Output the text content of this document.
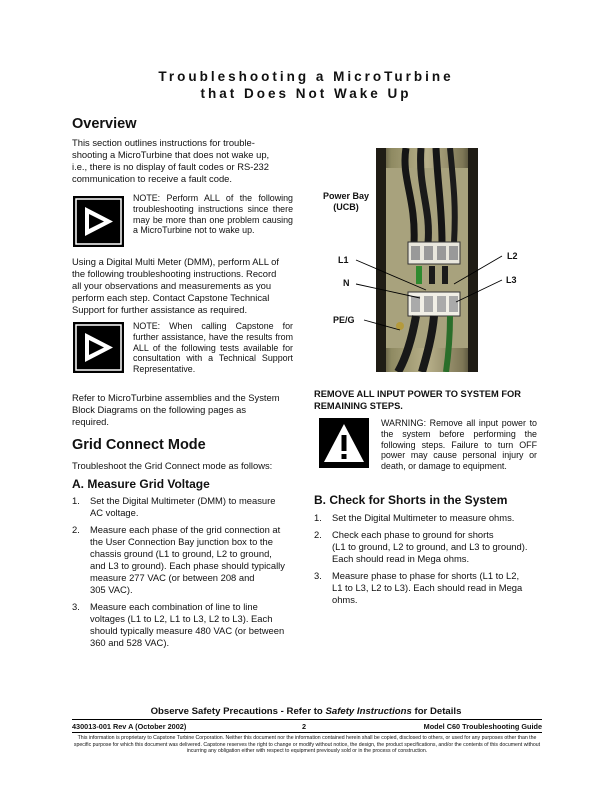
Troubleshooting a MicroTurbine
that Does Not Wake Up
Overview
This section outlines instructions for trouble-
shooting a MicroTurbine that does not wake up,
i.e., there is no display of fault codes or RS-232
communication to receive a fault code.
NOTE: Perform ALL of the following troubleshooting instructions since there may be more than one problem causing a MicroTurbine not to wake up.
Using a Digital Multi Meter (DMM), perform ALL of
the following troubleshooting instructions. Record
all your observations and measurements as you
perform each step. Contact Capstone Technical
Support for further assistance as required.
NOTE: When calling Capstone for further assistance, have the results from ALL of the following tests available for consultation with a Technical Support Representative.
Refer to MicroTurbine assemblies and the System
Block Diagrams on the following pages as
required.
Grid Connect Mode
Troubleshoot the Grid Connect mode as follows:
A. Measure Grid Voltage
1. Set the Digital Multimeter (DMM) to measure
AC voltage.
2. Measure each phase of the grid connection at
the User Connection Bay junction box to the
chassis ground (L1 to ground, L2 to ground,
and L3 to ground). Each phase should typically
measure 277 VAC (or between 208 and
305 VAC).
3. Measure each combination of line to line
voltages (L1 to L2, L1 to L3, L2 to L3). Each
should typically measure 480 VAC (or between
360 and 528 VAC).
Power Bay
(UCB)
L1
N
PE/G
L2
L3
REMOVE ALL INPUT POWER TO SYSTEM FOR
REMAINING STEPS.
WARNING: Remove all input power to the system before performing the following steps. Failure to turn OFF power may cause personal injury or death, or damage to equipment.
B. Check for Shorts in the System
1. Set the Digital Multimeter to measure ohms.
2. Check each phase to ground for shorts
(L1 to ground, L2 to ground, and L3 to ground).
Each should read in Mega ohms.
3. Measure phase to phase for shorts (L1 to L2,
L1 to L3, L2 to L3). Each should read in Mega
ohms.
Observe Safety Precautions - Refer to Safety Instructions for Details
430013-001 Rev A (October 2002)	2	Model C60 Troubleshooting Guide
This information is proprietary to Capstone Turbine Corporation. Neither this document nor the information contained herein shall be copied, disclosed to others, or used for any purposes other than the specific purpose for which this document was delivered. Capstone reserves the right to change or modify without notice, the design, the product specifications, and/or the contents of this document without incurring any obligation either with respect to equipment previously sold or in the process of construction.
